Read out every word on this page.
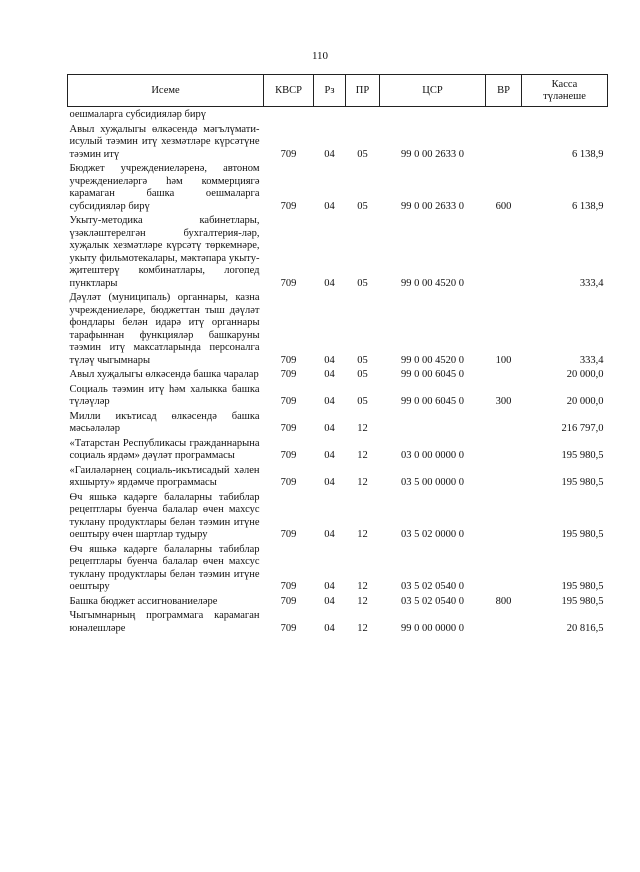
110
Исеме	КВСР	Рз	ПР	ЦСР	ВР	Касса
түләнеше

оешмаларга субсидияләр бирү						
Авыл хуҗалыгы өлкәсендә мәгълүмати-исулый тәэмин итү хезмәтләре күрсәтүне тәэмин итү	709	04	05	99 0 00 2633 0		6 138,9
Бюджет учреждениеләренә, автоном учреждениеләргә һәм коммерциягә карамаган башка оешмаларга субсидияләр бирү	709	04	05	99 0 00 2633 0	600	6 138,9
Укыту-методика кабинетлары, үзәкләштерелгән бухгалтерия-ләр, хуҗалык хезмәтләре күрсәтү төркемнәре, укыту фильмотекалары, мәктәпара укыту-җитештерү комбинатлары, логопед пунктлары	709	04	05	99 0 00 4520 0		333,4
Дәүләт (муниципаль) органнары, казна учреждениеләре, бюджеттан тыш дәүләт фондлары белән идарә итү органнары тарафыннан функцияләр башкаруны тәэмин итү максатларында персоналга түләү чыгымнары	709	04	05	99 0 00 4520 0	100	333,4
Авыл хуҗалыгы өлкәсендә башка чаралар	709	04	05	99 0 00 6045 0		20 000,0
Социаль тәэмин итү һәм халыкка башка түләүләр	709	04	05	99 0 00 6045 0	300	20 000,0
Милли икътисад өлкәсендә башка мәсьәләләр	709	04	12			216 797,0
«Татарстан Республикасы гражданнарына социаль ярдәм» дәүләт программасы	709	04	12	03 0 00 0000 0		195 980,5
«Гаиләләрнең социаль-икътисадый хәлен яхшырту» ярдәмче программасы	709	04	12	03 5 00 0000 0		195 980,5
Өч яшькә кадәрге балаларны табиблар рецептлары буенча балалар өчен махсус туклану продуктлары белән тәэмин итүне оештыру өчен шартлар тудыру	709	04	12	03 5 02 0000 0		195 980,5
Өч яшькә кадәрге балаларны табиблар рецептлары буенча балалар өчен махсус туклану продуктлары белән тәэмин итүне оештыру	709	04	12	03 5 02 0540 0		195 980,5
Башка бюджет ассигнованиеләре	709	04	12	03 5 02 0540 0	800	195 980,5
Чыгымнарның программага карамаган юнәлешләре	709	04	12	99 0 00 0000 0		20 816,5
